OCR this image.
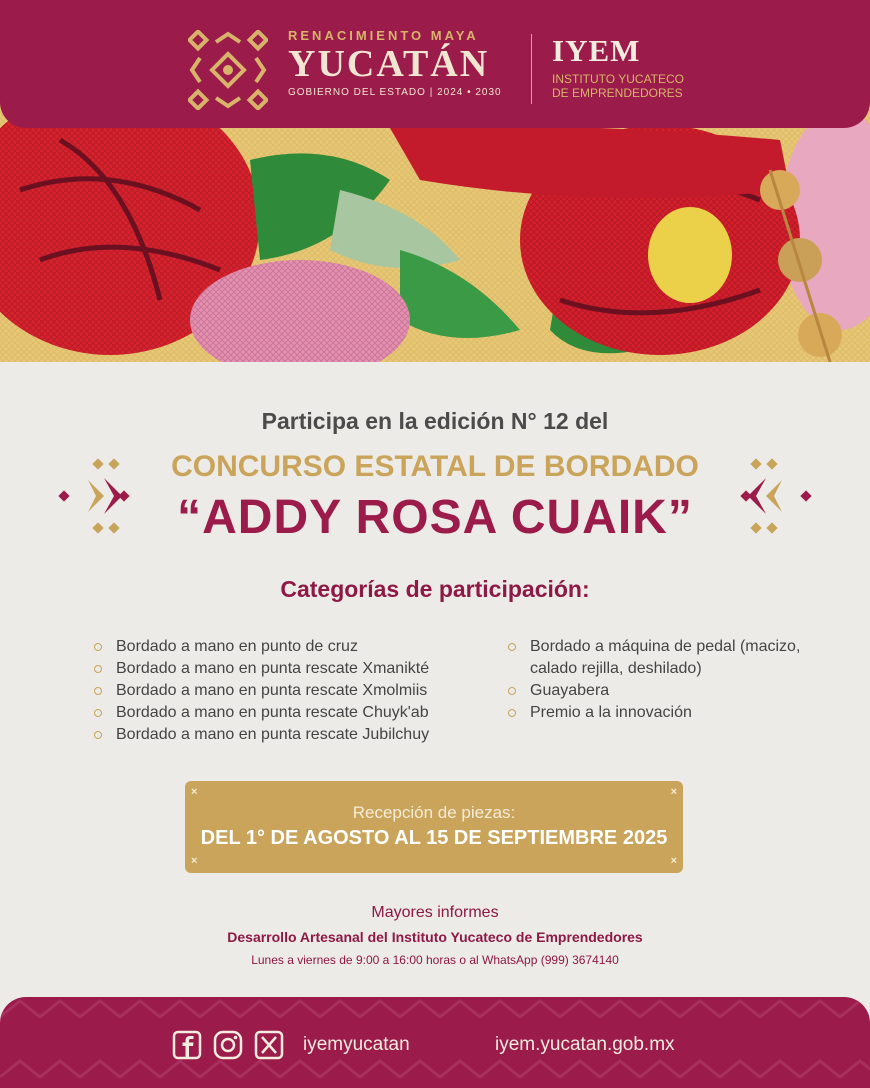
RENACIMIENTO MAYA
YUCATÁN
GOBIERNO DEL ESTADO | 2024 • 2030
IYEM
INSTITUTO YUCATECO
DE EMPRENDEDORES
Participa en la edición N° 12 del
CONCURSO ESTATAL DE BORDADO
“ADDY ROSA CUAIK”
Categorías de participación:
Bordado a mano en punto de cruz
Bordado a mano en punta rescate Xmanikté
Bordado a mano en punta rescate Xmolmiis
Bordado a mano en punta rescate Chuyk'ab
Bordado a mano en punta rescate Jubilchuy
Bordado a máquina de pedal (macizo, calado rejilla, deshilado)
Guayabera
Premio a la innovación
×	×
×	×
Recepción de piezas:
DEL 1° DE AGOSTO AL 15 DE SEPTIEMBRE 2025
Mayores informes
Desarrollo Artesanal del Instituto Yucateco de Emprendedores
Lunes a viernes de 9:00 a 16:00 horas o al WhatsApp (999) 3674140
iyemyucatan	iyem.yucatan.gob.mx
